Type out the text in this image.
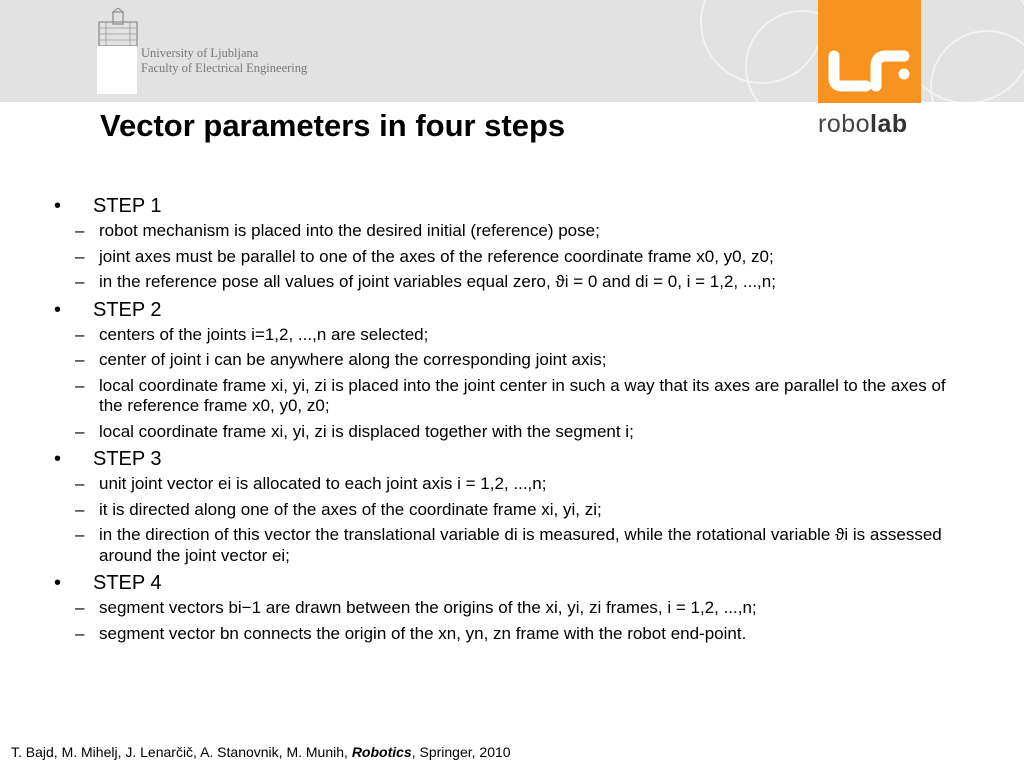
University of Ljubljana
Faculty of Electrical Engineering
robolab
Vector parameters in four steps
• STEP 1
– robot mechanism is placed into the desired initial (reference) pose;
– joint axes must be parallel to one of the axes of the reference coordinate frame x0, y0, z0;
– in the reference pose all values of joint variables equal zero, ϑi = 0 and di = 0, i = 1,2, ...,n;
• STEP 2
– centers of the joints i=1,2, ...,n are selected;
– center of joint i can be anywhere along the corresponding joint axis;
– local coordinate frame xi, yi, zi is placed into the joint center in such a way that its axes are parallel to the axes of the reference frame x0, y0, z0;
– local coordinate frame xi, yi, zi is displaced together with the segment i;
• STEP 3
– unit joint vector ei is allocated to each joint axis i = 1,2, ...,n;
– it is directed along one of the axes of the coordinate frame xi, yi, zi;
– in the direction of this vector the translational variable di is measured, while the rotational variable ϑi is assessed around the joint vector ei;
• STEP 4
– segment vectors bi−1 are drawn between the origins of the xi, yi, zi frames, i = 1,2, ...,n;
– segment vector bn connects the origin of the xn, yn, zn frame with the robot end-point.
T. Bajd, M. Mihelj, J. Lenarčič, A. Stanovnik, M. Munih, Robotics, Springer, 2010
